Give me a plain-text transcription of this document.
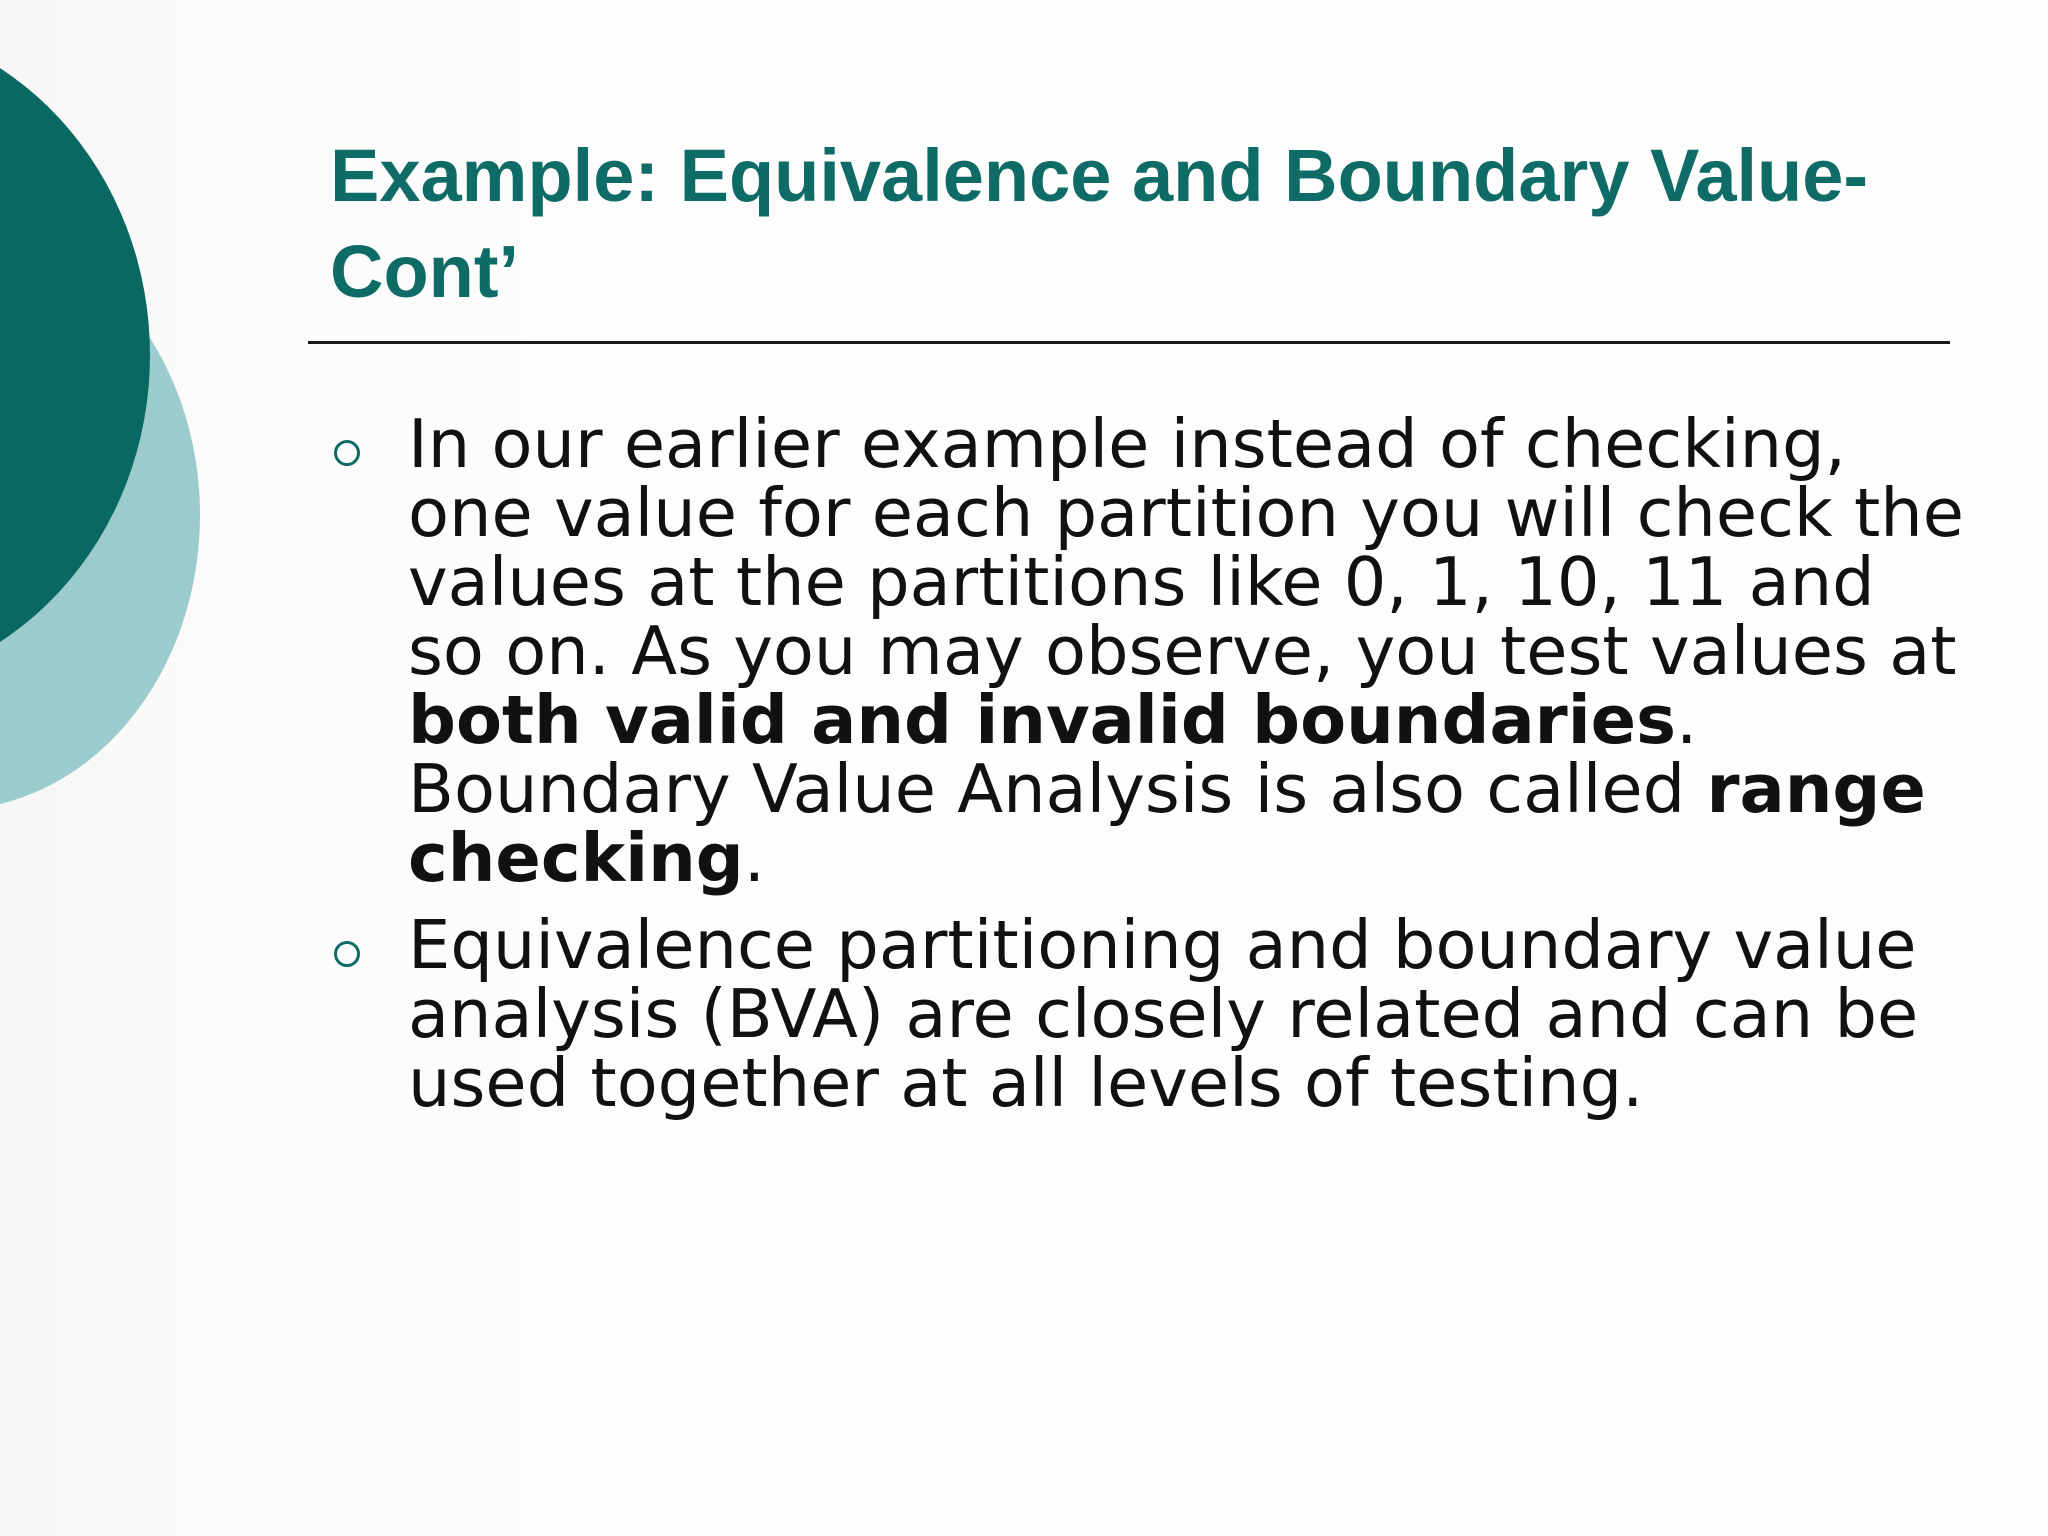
Example: Equivalence and Boundary Value- Cont’
In our earlier example instead of checking, one value for each partition you will check the values at the partitions like 0, 1, 10, 11 and so on. As you may observe, you test values at both valid and invalid boundaries. Boundary Value Analysis is also called range checking.
Equivalence partitioning and boundary value analysis (BVA) are closely related and can be used together at all levels of testing.
